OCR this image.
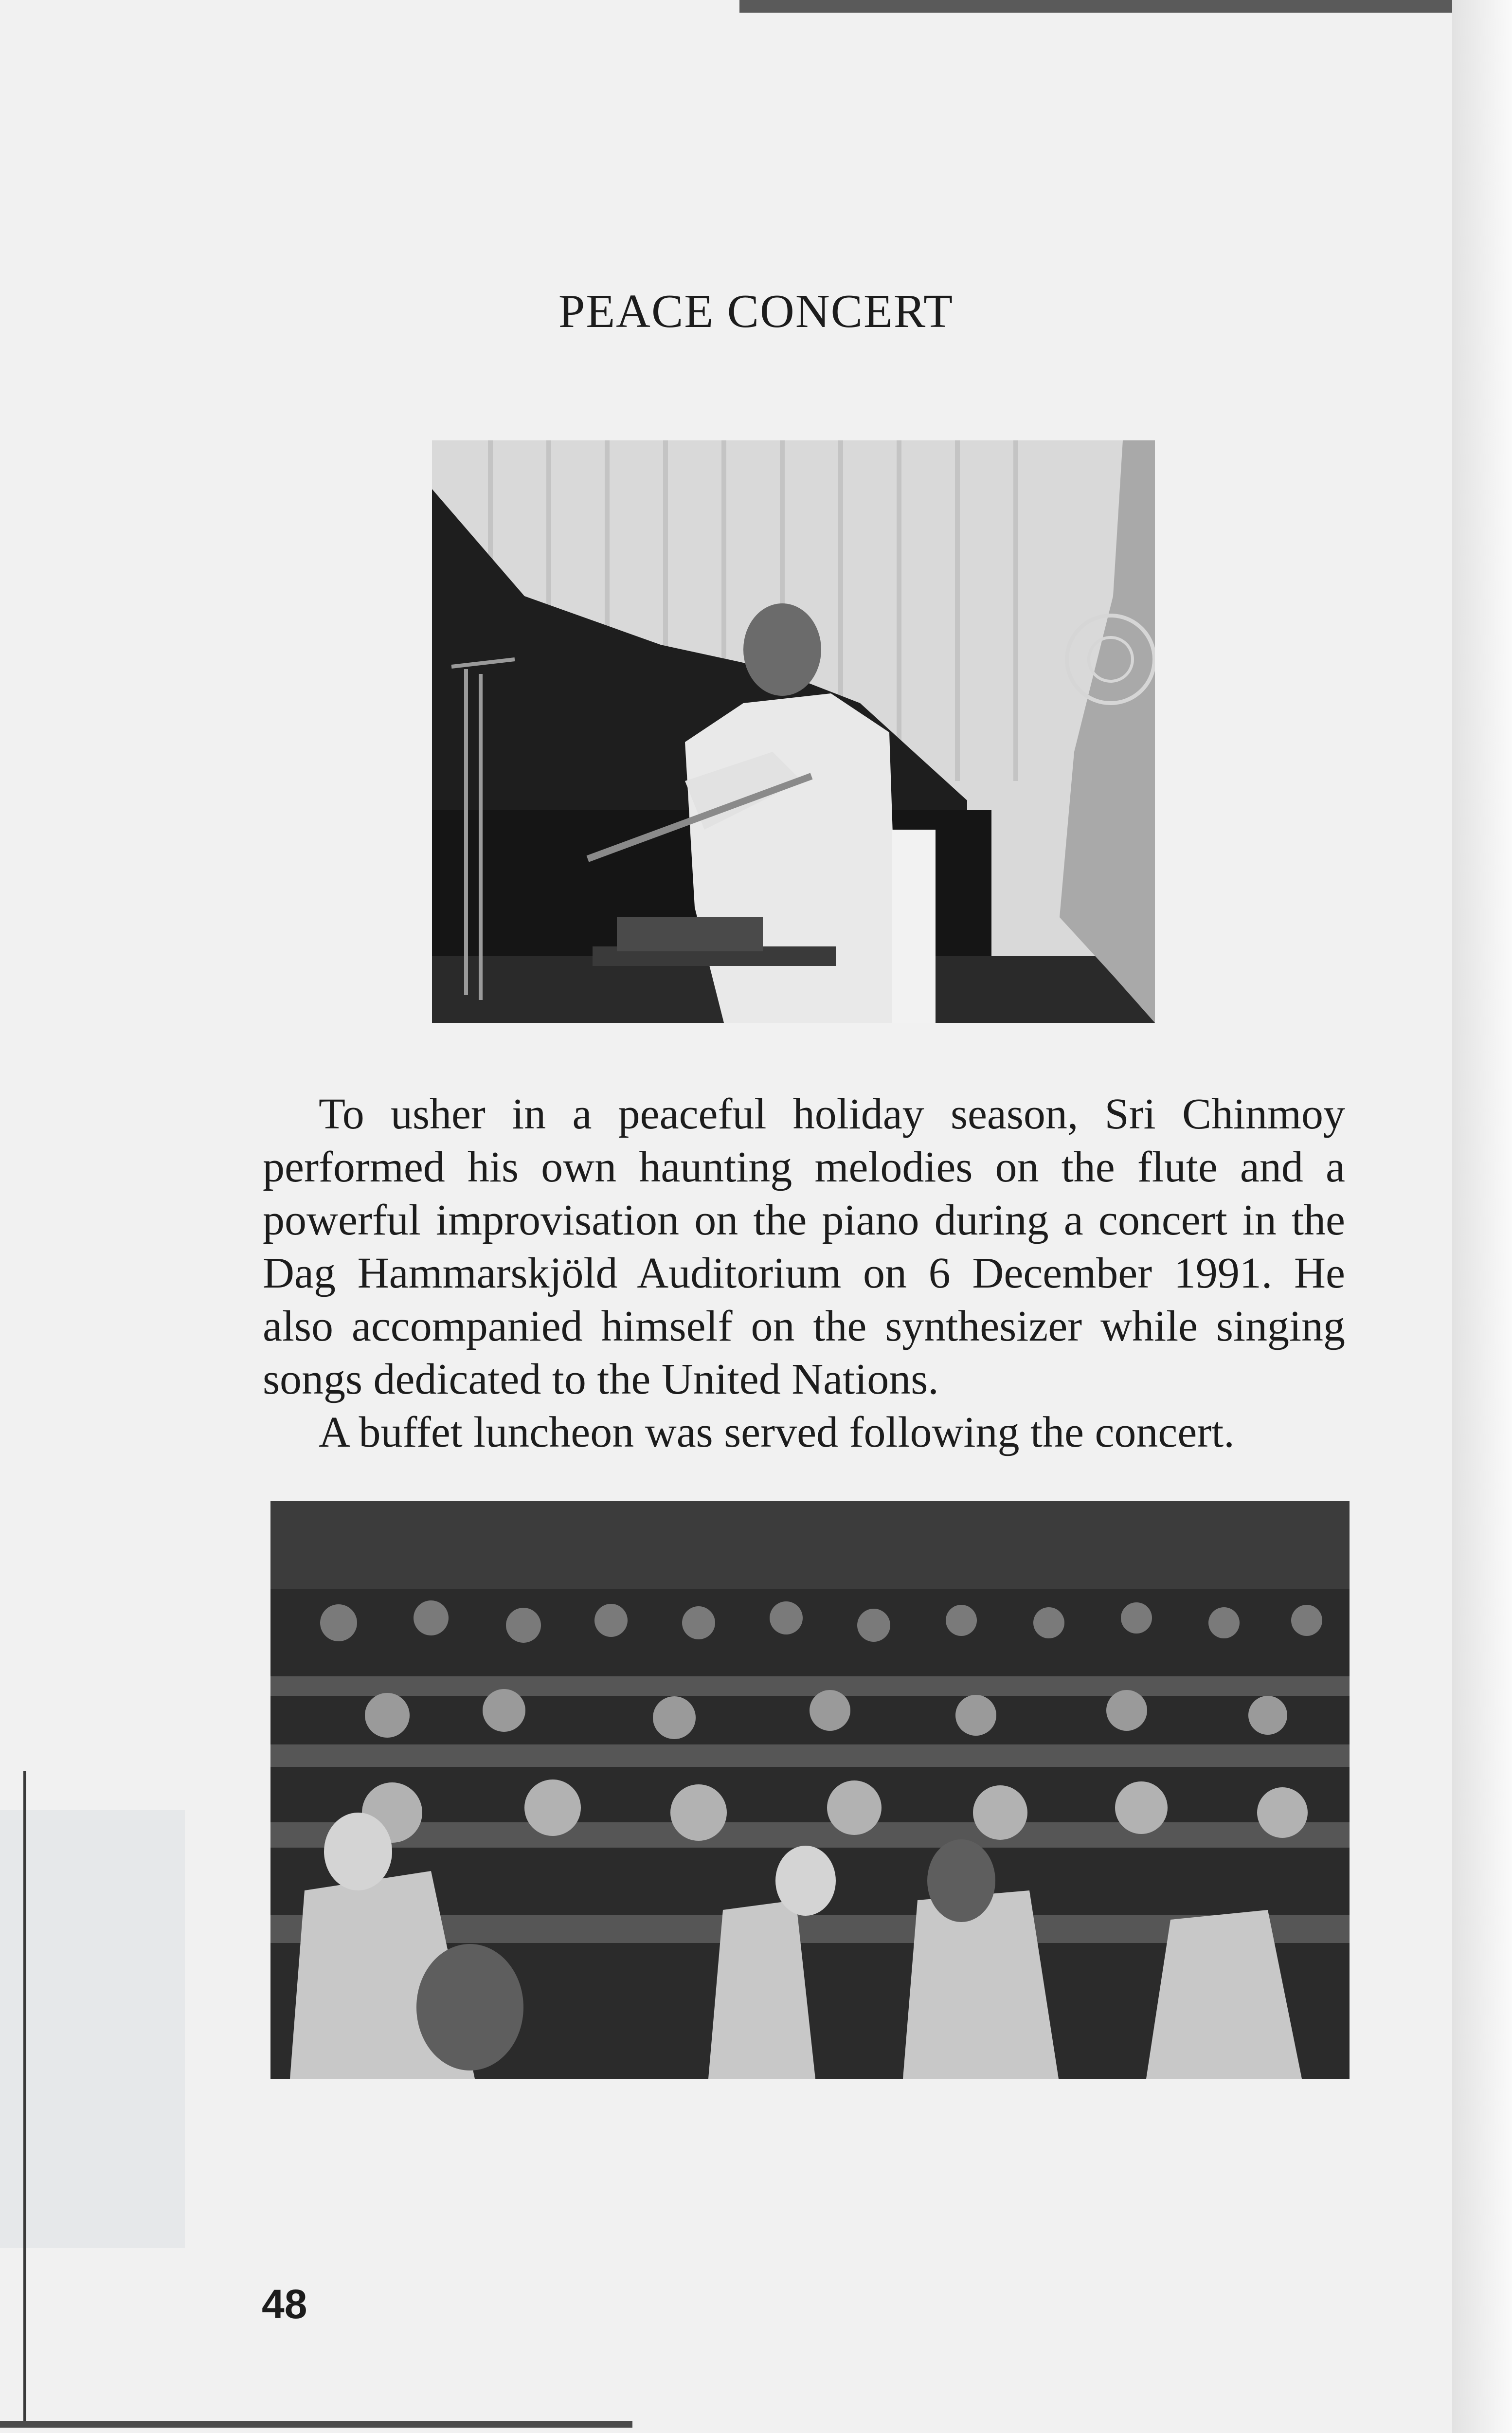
PEACE CONCERT

To usher in a peaceful holiday season, Sri Chinmoy performed his own haunting melodies on the flute and a powerful improvisation on the piano during a concert in the Dag Hammarskjöld Auditorium on 6 December 1991. He also accompanied himself on the synthesizer while singing songs dedicated to the United Nations.

A buffet luncheon was served following the concert.

48
